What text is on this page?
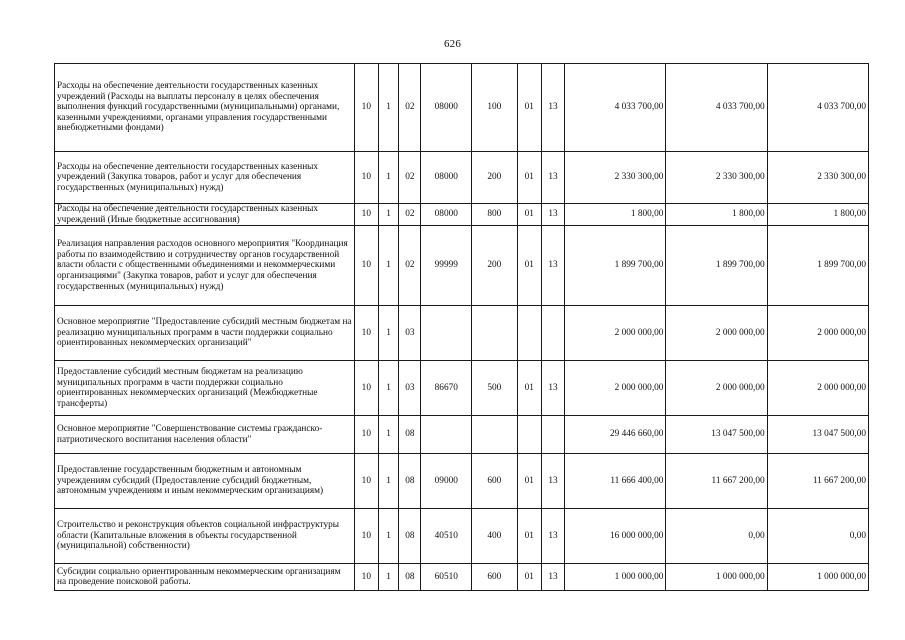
626
Расходы на обеспечение деятельности государственных казенных учреждений (Расходы на выплаты персоналу в целях обеспечения выполнения функций государственными (муниципальными) органами, казенными учреждениями, органами управления государственными внебюджетными фондами)	10	1	02	08000	100	01	13	4 033 700,00	4 033 700,00	4 033 700,00
Расходы на обеспечение деятельности государственных казенных учреждений (Закупка товаров, работ и услуг для обеспечения государственных (муниципальных) нужд)	10	1	02	08000	200	01	13	2 330 300,00	2 330 300,00	2 330 300,00
Расходы на обеспечение деятельности государственных казенных учреждений (Иные бюджетные ассигнования)	10	1	02	08000	800	01	13	1 800,00	1 800,00	1 800,00
Реализация направления расходов основного мероприятия "Координация работы по взаимодействию и сотрудничеству органов государственной власти области с общественными объединениями и некоммерческими организациями" (Закупка товаров, работ и услуг для обеспечения государственных (муниципальных) нужд)	10	1	02	99999	200	01	13	1 899 700,00	1 899 700,00	1 899 700,00
Основное мероприятие "Предоставление субсидий местным бюджетам на реализацию муниципальных программ в части поддержки социально ориентированных некоммерческих организаций"	10	1	03					2 000 000,00	2 000 000,00	2 000 000,00
Предоставление субсидий местным бюджетам на реализацию муниципальных программ в части поддержки социально ориентированных некоммерческих организаций (Межбюджетные трансферты)	10	1	03	86670	500	01	13	2 000 000,00	2 000 000,00	2 000 000,00
Основное мероприятие "Совершенствование системы гражданско-патриотического воспитания населения области"	10	1	08					29 446 660,00	13 047 500,00	13 047 500,00
Предоставление государственным бюджетным и автономным учреждениям субсидий (Предоставление субсидий бюджетным, автономным учреждениям и иным некоммерческим организациям)	10	1	08	09000	600	01	13	11 666 400,00	11 667 200,00	11 667 200,00
Строительство и реконструкция объектов социальной инфраструктуры области (Капитальные вложения в объекты государственной (муниципальной) собственности)	10	1	08	40510	400	01	13	16 000 000,00	0,00	0,00
Субсидии социально ориентированным некоммерческим организациям на проведение поисковой работы.	10	1	08	60510	600	01	13	1 000 000,00	1 000 000,00	1 000 000,00
